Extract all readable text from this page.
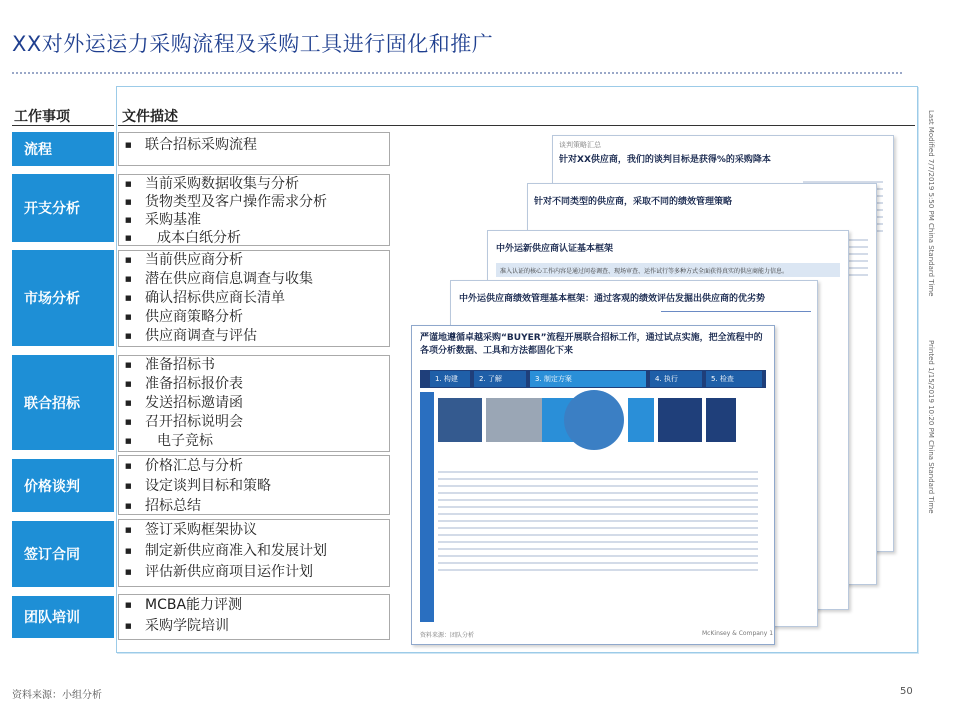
XX对外运运力采购流程及采购工具进行固化和推广
工作事项	文件描述
流程
■	联合招标采购流程
开支分析
■ 当前采购数据收集与分析
■ 货物类型及客户操作需求分析
■ 采购基准
■ 成本白纸分析
市场分析
■ 当前供应商分析
■ 潜在供应商信息调查与收集
■ 确认招标供应商长清单
■ 供应商策略分析
■ 供应商调查与评估
联合招标
■ 准备招标书
■ 准备招标报价表
■ 发送招标邀请函
■ 召开招标说明会
■ 电子竞标
价格谈判
■ 价格汇总与分析
■ 设定谈判目标和策略
■ 招标总结
签订合同
■ 签订采购框架协议
■ 制定新供应商准入和发展计划
■ 评估新供应商项目运作计划
团队培训
■ MCBA能力评测
■ 采购学院培训
谈判策略汇总
针对XX供应商，我们的谈判目标是获得%的采购降本
针对不同类型的供应商，采取不同的绩效管理策略
中外运新供应商认证基本框架
准入认证的核心工作内容是通过问卷调查、现场审查、运作试行等多种方式全面获得真实的供应商能力信息。
中外运供应商绩效管理基本框架：通过客观的绩效评估发掘出供应商的优劣势
严谨地遵循卓越采购“BUYER”流程开展联合招标工作，通过试点实施，把全流程中的各项分析数据、工具和方法都固化下来
1. 构建	2. 了解	3. 制定方案	4. 执行	5. 检查
资料来源：团队分析	McKinsey & Company 1
Last Modified 7/7/2019 5:50 PM China Standard Time
Printed 1/15/2019 10:20 PM China Standard Time
资料来源：小组分析	50
